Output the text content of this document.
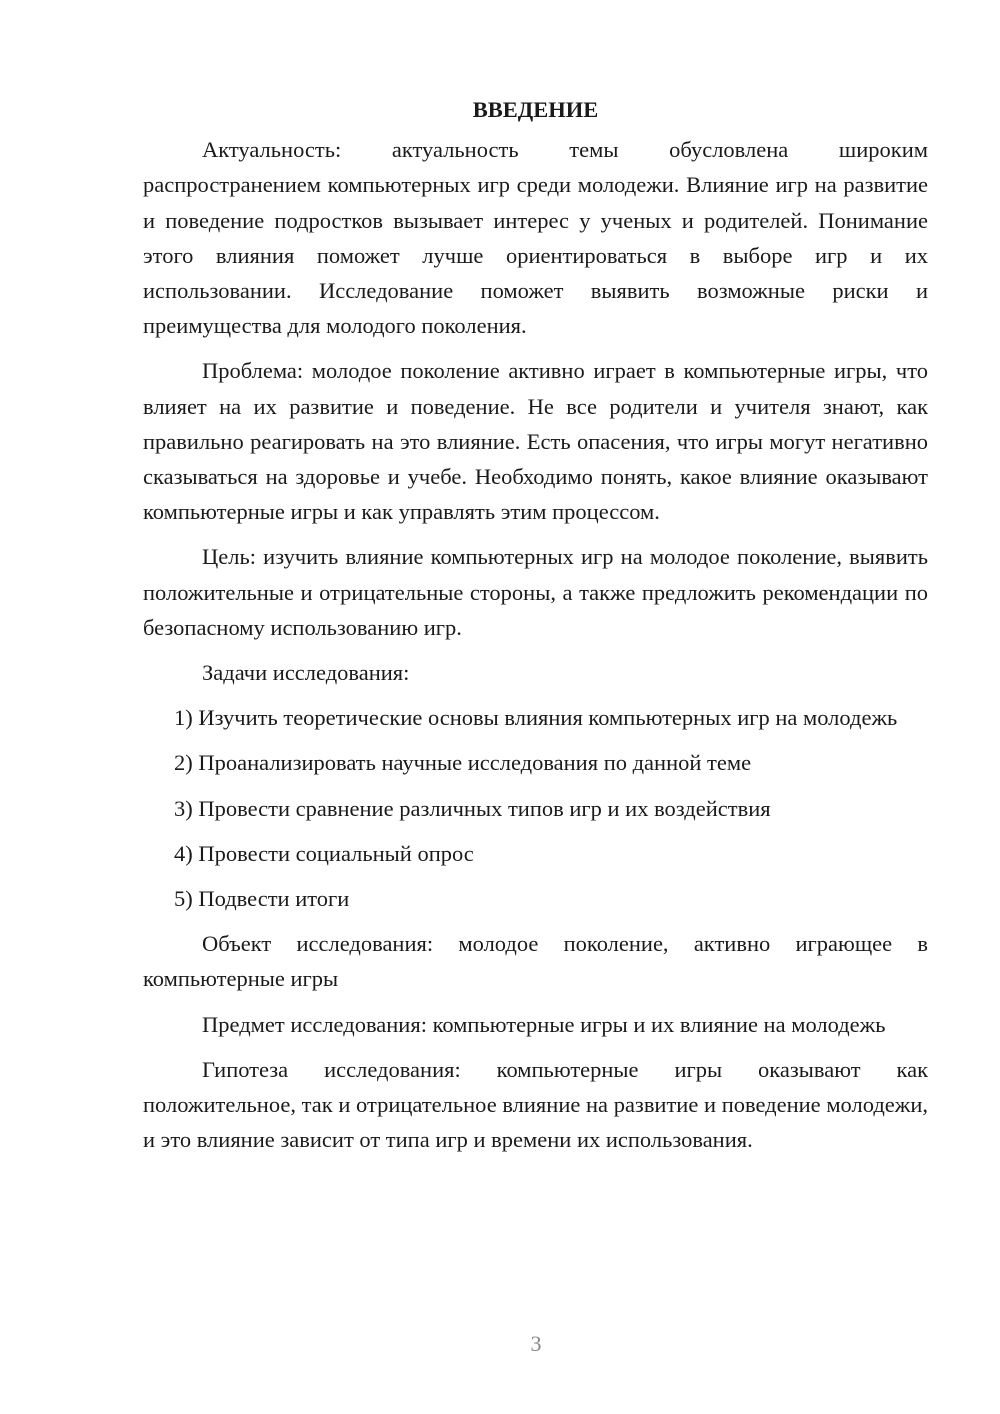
ВВЕДЕНИЕ

Актуальность: актуальность темы обусловлена широким распространением компьютерных игр среди молодежи. Влияние игр на развитие и поведение подростков вызывает интерес у ученых и родителей. Понимание этого влияния поможет лучше ориентироваться в выборе игр и их использовании. Исследование поможет выявить возможные риски и преимущества для молодого поколения.

Проблема: молодое поколение активно играет в компьютерные игры, что влияет на их развитие и поведение. Не все родители и учителя знают, как правильно реагировать на это влияние. Есть опасения, что игры могут негативно сказываться на здоровье и учебе. Необходимо понять, какое влияние оказывают компьютерные игры и как управлять этим процессом.

Цель: изучить влияние компьютерных игр на молодое поколение, выявить положительные и отрицательные стороны, а также предложить рекомендации по безопасному использованию игр.

Задачи исследования:

1) Изучить теоретические основы влияния компьютерных игр на молодежь

2) Проанализировать научные исследования по данной теме

3) Провести сравнение различных типов игр и их воздействия

4) Провести социальный опрос

5) Подвести итоги

Объект исследования: молодое поколение, активно играющее в компьютерные игры

Предмет исследования: компьютерные игры и их влияние на молодежь

Гипотеза исследования: компьютерные игры оказывают как положительное, так и отрицательное влияние на развитие и поведение молодежи, и это влияние зависит от типа игр и времени их использования.

3
